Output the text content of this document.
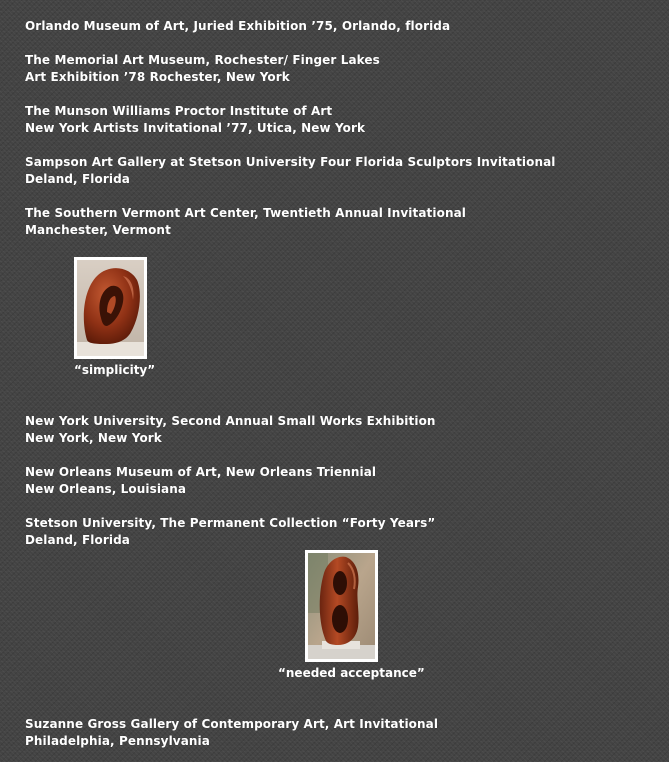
Orlando Museum of Art, Juried Exhibition ’75, Orlando, florida
The Memorial Art Museum, Rochester/ Finger Lakes
Art Exhibition ’78 Rochester, New York
The Munson Williams Proctor Institute of Art
New York Artists Invitational ’77, Utica, New York
Sampson Art Gallery at Stetson University Four Florida Sculptors Invitational
Deland, Florida
The Southern Vermont Art Center, Twentieth Annual Invitational
Manchester, Vermont
“simplicity”
New York University, Second Annual Small Works Exhibition
New York, New York
New Orleans Museum of Art, New Orleans Triennial
New Orleans, Louisiana
Stetson University, The Permanent Collection “Forty Years”
Deland, Florida
“needed acceptance”
Suzanne Gross Gallery of Contemporary Art, Art Invitational
Philadelphia, Pennsylvania
